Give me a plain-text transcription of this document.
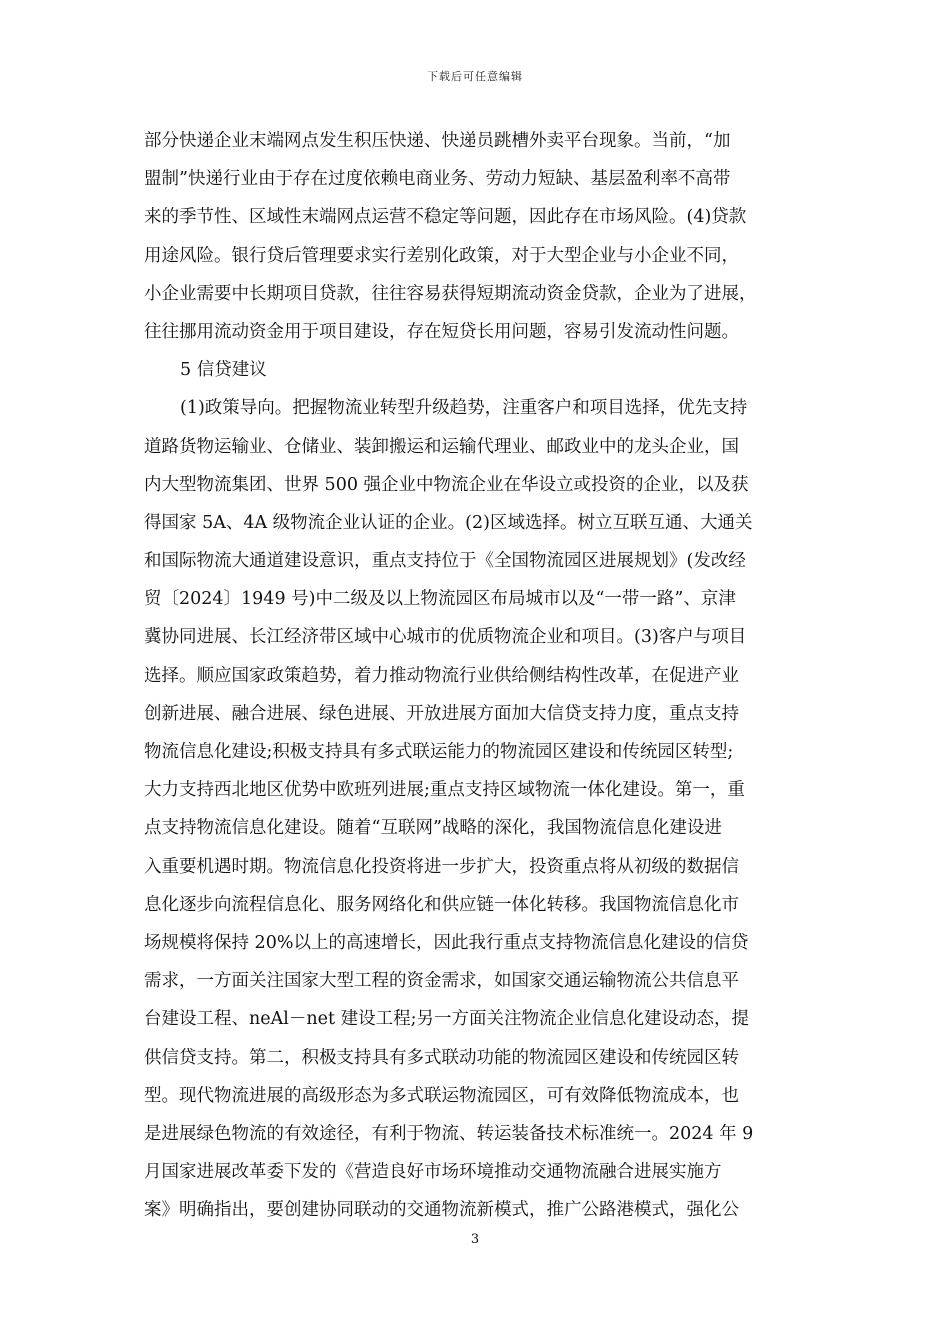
下载后可任意编辑
部分快递企业末端网点发生积压快递、快递员跳槽外卖平台现象。当前，“加
盟制”快递行业由于存在过度依赖电商业务、劳动力短缺、基层盈利率不高带
来的季节性、区域性末端网点运营不稳定等问题，因此存在市场风险。(4)贷款
用途风险。银行贷后管理要求实行差别化政策，对于大型企业与小企业不同，
小企业需要中长期项目贷款，往往容易获得短期流动资金贷款，企业为了进展，
往往挪用流动资金用于项目建设，存在短贷长用问题，容易引发流动性问题。
5 信贷建议
(1)政策导向。把握物流业转型升级趋势，注重客户和项目选择，优先支持
道路货物运输业、仓储业、装卸搬运和运输代理业、邮政业中的龙头企业，国
内大型物流集团、世界 500 强企业中物流企业在华设立或投资的企业，以及获
得国家 5A、4A 级物流企业认证的企业。(2)区域选择。树立互联互通、大通关
和国际物流大通道建设意识，重点支持位于《全国物流园区进展规划》(发改经
贸〔2024〕1949 号)中二级及以上物流园区布局城市以及“一带一路”、京津
冀协同进展、长江经济带区域中心城市的优质物流企业和项目。(3)客户与项目
选择。顺应国家政策趋势，着力推动物流行业供给侧结构性改革，在促进产业
创新进展、融合进展、绿色进展、开放进展方面加大信贷支持力度，重点支持
物流信息化建设;积极支持具有多式联运能力的物流园区建设和传统园区转型;
大力支持西北地区优势中欧班列进展;重点支持区域物流一体化建设。第一，重
点支持物流信息化建设。随着“互联网”战略的深化，我国物流信息化建设进
入重要机遇时期。物流信息化投资将进一步扩大，投资重点将从初级的数据信
息化逐步向流程信息化、服务网络化和供应链一体化转移。我国物流信息化市
场规模将保持 20%以上的高速增长，因此我行重点支持物流信息化建设的信贷
需求，一方面关注国家大型工程的资金需求，如国家交通运输物流公共信息平
台建设工程、neAl－net 建设工程;另一方面关注物流企业信息化建设动态，提
供信贷支持。第二，积极支持具有多式联动功能的物流园区建设和传统园区转
型。现代物流进展的高级形态为多式联运物流园区，可有效降低物流成本，也
是进展绿色物流的有效途径，有利于物流、转运装备技术标准统一。2024 年 9
月国家进展改革委下发的《营造良好市场环境推动交通物流融合进展实施方
案》明确指出，要创建协同联动的交通物流新模式，推广公路港模式，强化公
3
